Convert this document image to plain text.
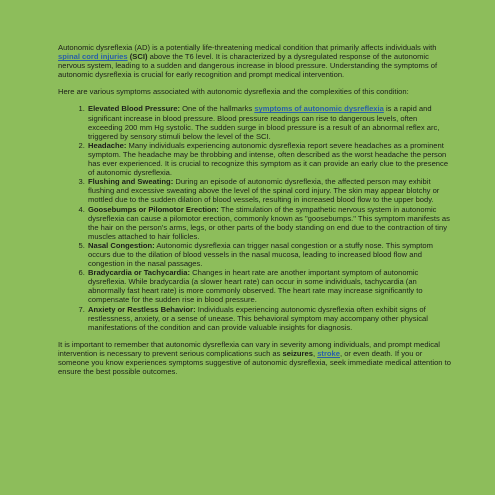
Autonomic dysreflexia (AD) is a potentially life-threatening medical condition that primarily affects individuals with spinal cord injuries (SCI) above the T6 level. It is characterized by a dysregulated response of the autonomic nervous system, leading to a sudden and dangerous increase in blood pressure. Understanding the symptoms of autonomic dysreflexia is crucial for early recognition and prompt medical intervention.

Here are various symptoms associated with autonomic dysreflexia and the complexities of this condition:

1. Elevated Blood Pressure: One of the hallmarks symptoms of autonomic dysreflexia is a rapid and significant increase in blood pressure. Blood pressure readings can rise to dangerous levels, often exceeding 200 mm Hg systolic. The sudden surge in blood pressure is a result of an abnormal reflex arc, triggered by sensory stimuli below the level of the SCI.
2. Headache: Many individuals experiencing autonomic dysreflexia report severe headaches as a prominent symptom. The headache may be throbbing and intense, often described as the worst headache the person has ever experienced. It is crucial to recognize this symptom as it can provide an early clue to the presence of autonomic dysreflexia.
3. Flushing and Sweating: During an episode of autonomic dysreflexia, the affected person may exhibit flushing and excessive sweating above the level of the spinal cord injury. The skin may appear blotchy or mottled due to the sudden dilation of blood vessels, resulting in increased blood flow to the upper body.
4. Goosebumps or Pilomotor Erection: The stimulation of the sympathetic nervous system in autonomic dysreflexia can cause a pilomotor erection, commonly known as "goosebumps." This symptom manifests as the hair on the person's arms, legs, or other parts of the body standing on end due to the contraction of tiny muscles attached to hair follicles.
5. Nasal Congestion: Autonomic dysreflexia can trigger nasal congestion or a stuffy nose. This symptom occurs due to the dilation of blood vessels in the nasal mucosa, leading to increased blood flow and congestion in the nasal passages.
6. Bradycardia or Tachycardia: Changes in heart rate are another important symptom of autonomic dysreflexia. While bradycardia (a slower heart rate) can occur in some individuals, tachycardia (an abnormally fast heart rate) is more commonly observed. The heart rate may increase significantly to compensate for the sudden rise in blood pressure.
7. Anxiety or Restless Behavior: Individuals experiencing autonomic dysreflexia often exhibit signs of restlessness, anxiety, or a sense of unease. This behavioral symptom may accompany other physical manifestations of the condition and can provide valuable insights for diagnosis.

It is important to remember that autonomic dysreflexia can vary in severity among individuals, and prompt medical intervention is necessary to prevent serious complications such as seizures, stroke, or even death. If you or someone you know experiences symptoms suggestive of autonomic dysreflexia, seek immediate medical attention to ensure the best possible outcomes.
